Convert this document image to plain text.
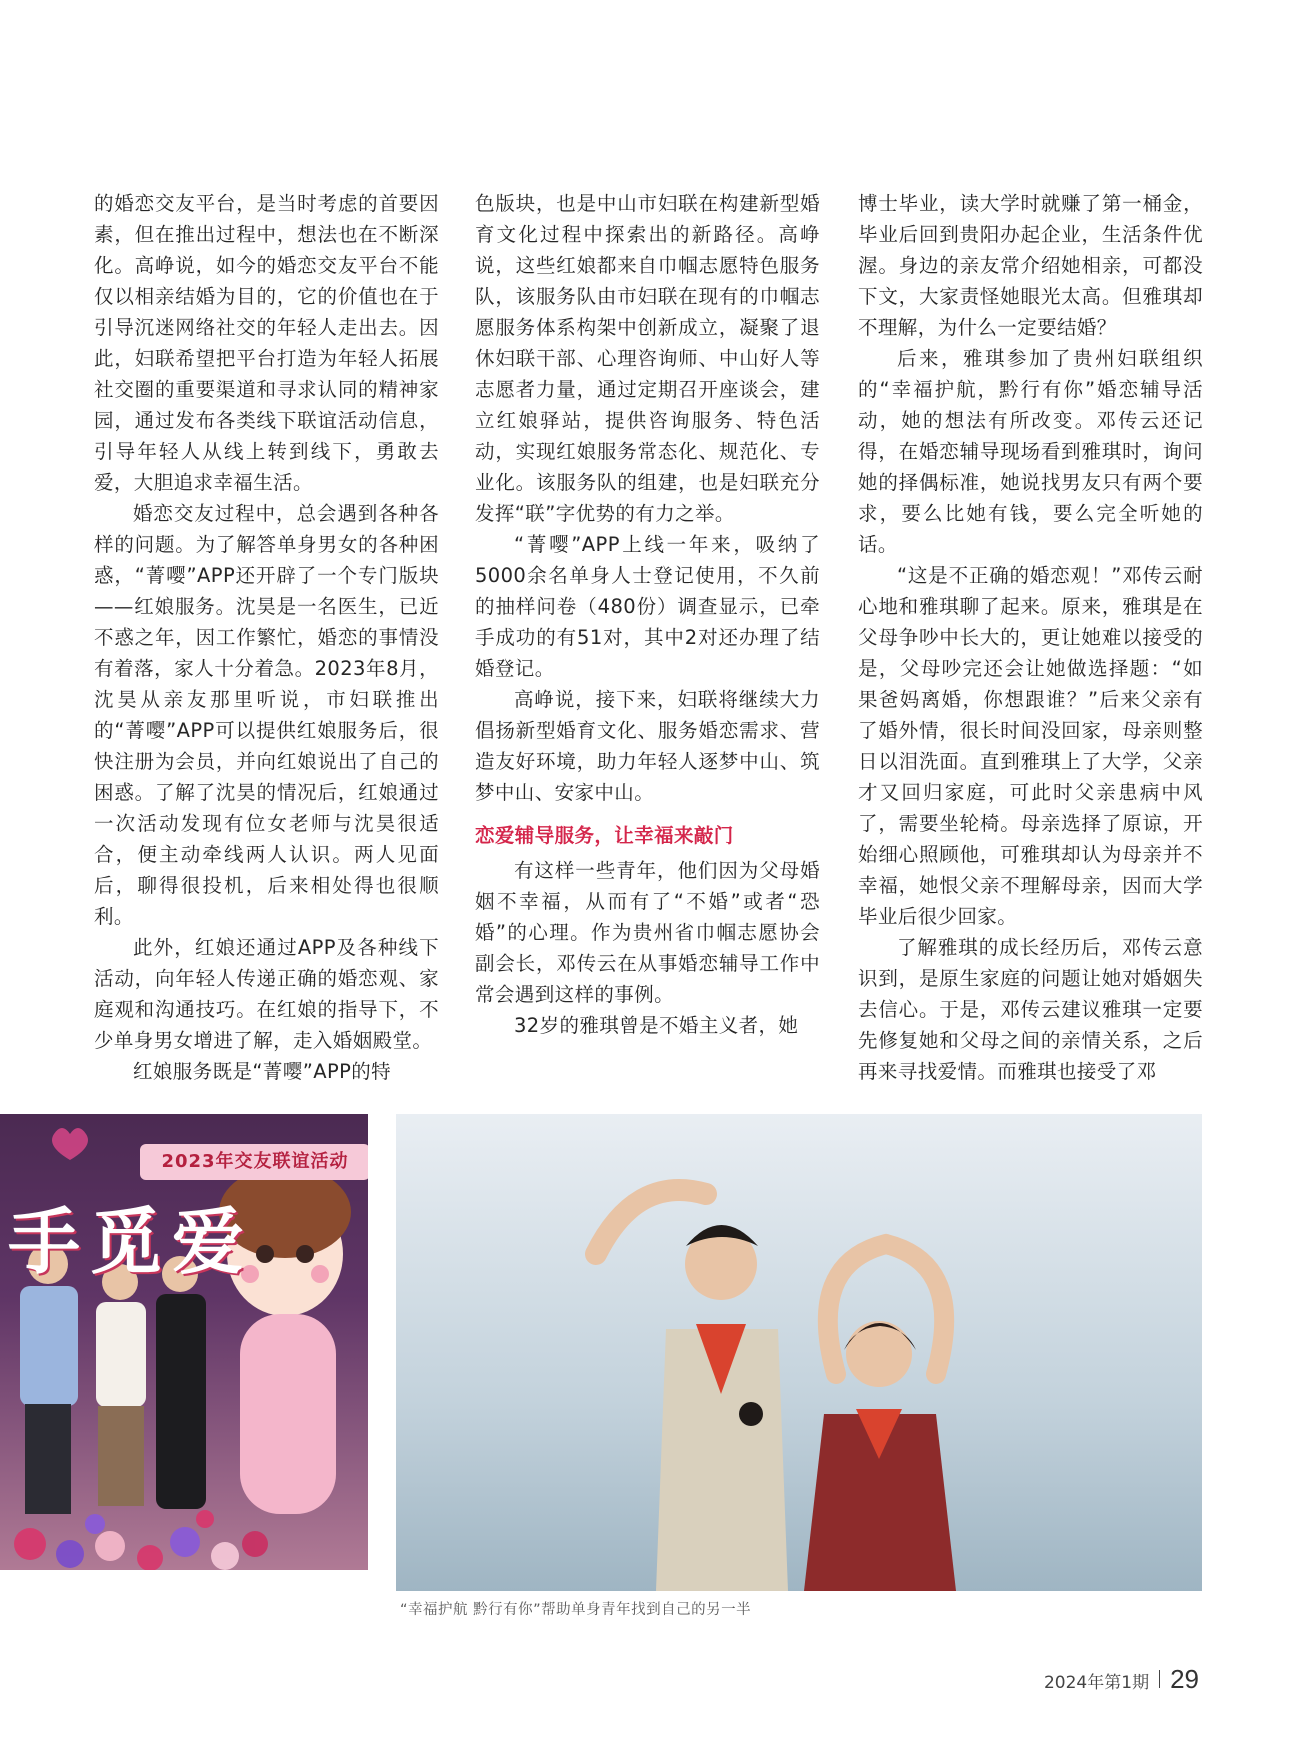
的婚恋交友平台，是当时考虑的首要因素，但在推出过程中，想法也在不断深化。高峥说，如今的婚恋交友平台不能仅以相亲结婚为目的，它的价值也在于引导沉迷网络社交的年轻人走出去。因此，妇联希望把平台打造为年轻人拓展社交圈的重要渠道和寻求认同的精神家园，通过发布各类线下联谊活动信息，引导年轻人从线上转到线下，勇敢去爱，大胆追求幸福生活。

婚恋交友过程中，总会遇到各种各样的问题。为了解答单身男女的各种困惑，“菁嘤”APP还开辟了一个专门版块——红娘服务。沈昊是一名医生，已近不惑之年，因工作繁忙，婚恋的事情没有着落，家人十分着急。2023年8月，沈昊从亲友那里听说，市妇联推出的“菁嘤”APP可以提供红娘服务后，很快注册为会员，并向红娘说出了自己的困惑。了解了沈昊的情况后，红娘通过一次活动发现有位女老师与沈昊很适合，便主动牵线两人认识。两人见面后，聊得很投机，后来相处得也很顺利。

此外，红娘还通过APP及各种线下活动，向年轻人传递正确的婚恋观、家庭观和沟通技巧。在红娘的指导下，不少单身男女增进了解，走入婚姻殿堂。

红娘服务既是“菁嘤”APP的特

色版块，也是中山市妇联在构建新型婚育文化过程中探索出的新路径。高峥说，这些红娘都来自巾帼志愿特色服务队，该服务队由市妇联在现有的巾帼志愿服务体系构架中创新成立，凝聚了退休妇联干部、心理咨询师、中山好人等志愿者力量，通过定期召开座谈会，建立红娘驿站，提供咨询服务、特色活动，实现红娘服务常态化、规范化、专业化。该服务队的组建，也是妇联充分发挥“联”字优势的有力之举。

“菁嘤”APP上线一年来，吸纳了5000余名单身人士登记使用，不久前的抽样问卷（480份）调查显示，已牵手成功的有51对，其中2对还办理了结婚登记。

高峥说，接下来，妇联将继续大力倡扬新型婚育文化、服务婚恋需求、营造友好环境，助力年轻人逐梦中山、筑梦中山、安家中山。

恋爱辅导服务，让幸福来敲门

有这样一些青年，他们因为父母婚姻不幸福，从而有了“不婚”或者“恐婚”的心理。作为贵州省巾帼志愿协会副会长，邓传云在从事婚恋辅导工作中常会遇到这样的事例。

32岁的雅琪曾是不婚主义者，她

博士毕业，读大学时就赚了第一桶金，毕业后回到贵阳办起企业，生活条件优渥。身边的亲友常介绍她相亲，可都没下文，大家责怪她眼光太高。但雅琪却不理解，为什么一定要结婚？

后来，雅琪参加了贵州妇联组织的“幸福护航，黔行有你”婚恋辅导活动，她的想法有所改变。邓传云还记得，在婚恋辅导现场看到雅琪时，询问她的择偶标准，她说找男友只有两个要求，要么比她有钱，要么完全听她的话。

“这是不正确的婚恋观！”邓传云耐心地和雅琪聊了起来。原来，雅琪是在父母争吵中长大的，更让她难以接受的是，父母吵完还会让她做选择题：“如果爸妈离婚，你想跟谁？”后来父亲有了婚外情，很长时间没回家，母亲则整日以泪洗面。直到雅琪上了大学，父亲才又回归家庭，可此时父亲患病中风了，需要坐轮椅。母亲选择了原谅，开始细心照顾他，可雅琪却认为母亲并不幸福，她恨父亲不理解母亲，因而大学毕业后很少回家。

了解雅琪的成长经历后，邓传云意识到，是原生家庭的问题让她对婚姻失去信心。于是，邓传云建议雅琪一定要先修复她和父母之间的亲情关系，之后再来寻找爱情。而雅琪也接受了邓

2023年交友联谊活动
手觅爱
“幸福护航 黔行有你”帮助单身青年找到自己的另一半
2024年第1期 29
